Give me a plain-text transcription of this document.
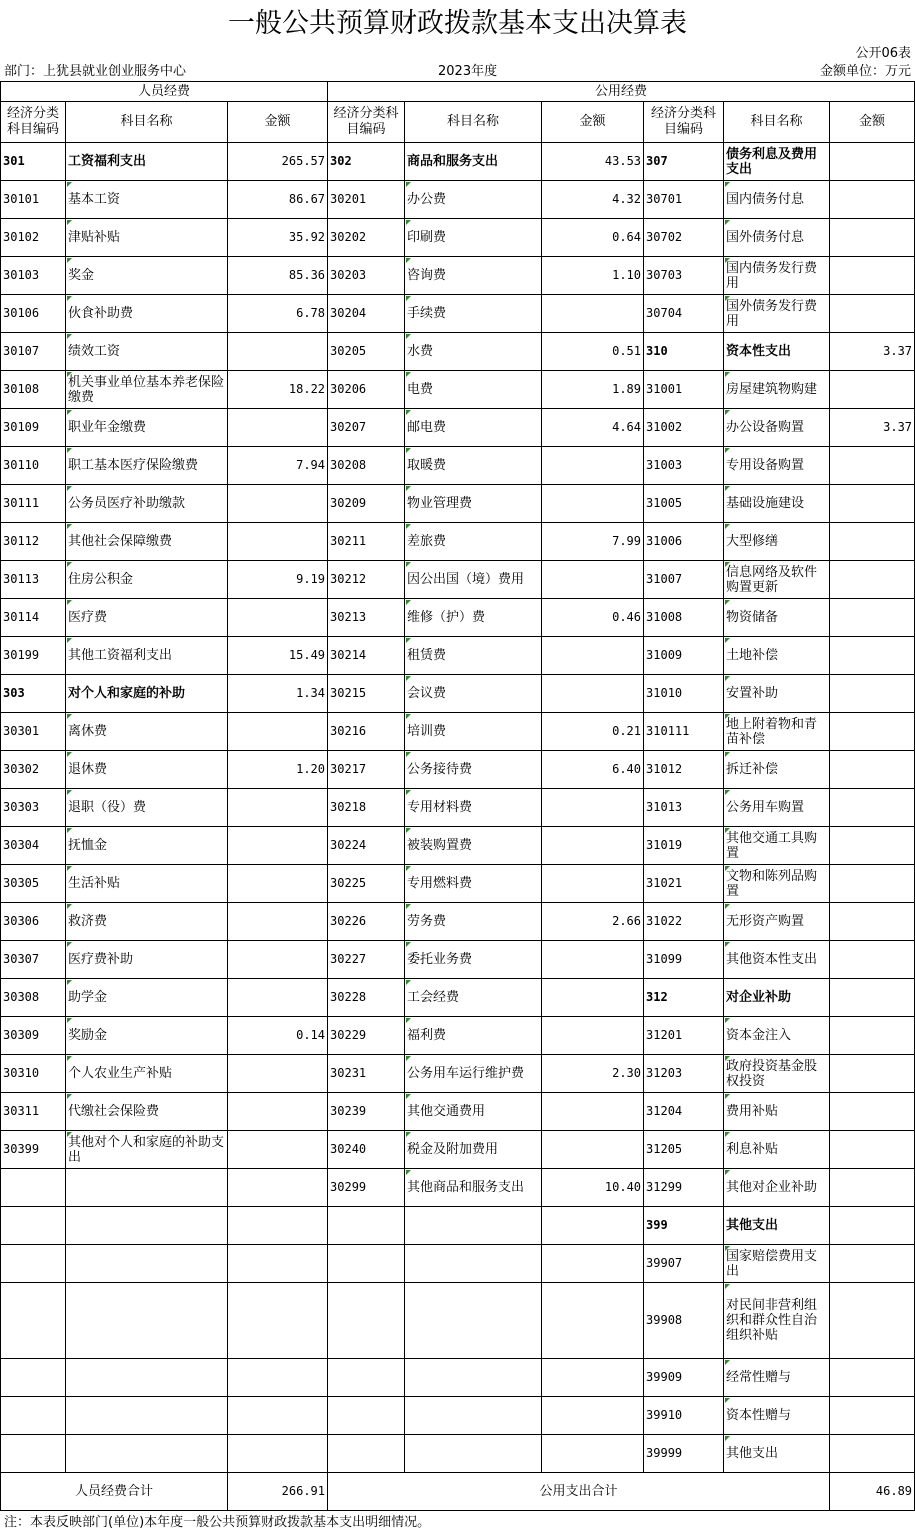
一般公共预算财政拨款基本支出决算表
公开06表
部门：上犹县就业创业服务中心	2023年度	金额单位：万元
人员经费			公用经费					
经济分类科目编码	科目名称	金额	经济分类科目编码	科目名称	金额	经济分类科目编码	科目名称	金额
301	工资福利支出	265.57	302	商品和服务支出	43.53	307	债务利息及费用支出	
30101	基本工资	86.67	30201	办公费	4.32	30701	国内债务付息	
30102	津贴补贴	35.92	30202	印刷费	0.64	30702	国外债务付息	
30103	奖金	85.36	30203	咨询费	1.10	30703	国内债务发行费用	
30106	伙食补助费	6.78	30204	手续费		30704	国外债务发行费用	
30107	绩效工资		30205	水费	0.51	310	资本性支出	3.37
30108	机关事业单位基本养老保险缴费	18.22	30206	电费	1.89	31001	房屋建筑物购建	
30109	职业年金缴费		30207	邮电费	4.64	31002	办公设备购置	3.37
30110	职工基本医疗保险缴费	7.94	30208	取暖费		31003	专用设备购置	
30111	公务员医疗补助缴款		30209	物业管理费		31005	基础设施建设	
30112	其他社会保障缴费		30211	差旅费	7.99	31006	大型修缮	
30113	住房公积金	9.19	30212	因公出国（境）费用		31007	信息网络及软件购置更新	
30114	医疗费		30213	维修（护）费	0.46	31008	物资储备	
30199	其他工资福利支出	15.49	30214	租赁费		31009	土地补偿	
303	对个人和家庭的补助	1.34	30215	会议费		31010	安置补助	
30301	离休费		30216	培训费	0.21	310111	地上附着物和青苗补偿	
30302	退休费	1.20	30217	公务接待费	6.40	31012	拆迁补偿	
30303	退职（役）费		30218	专用材料费		31013	公务用车购置	
30304	抚恤金		30224	被装购置费		31019	其他交通工具购置	
30305	生活补贴		30225	专用燃料费		31021	文物和陈列品购置	
30306	救济费		30226	劳务费	2.66	31022	无形资产购置	
30307	医疗费补助		30227	委托业务费		31099	其他资本性支出	
30308	助学金		30228	工会经费		312	对企业补助	
30309	奖励金	0.14	30229	福利费		31201	资本金注入	
30310	个人农业生产补贴		30231	公务用车运行维护费	2.30	31203	政府投资基金股权投资	
30311	代缴社会保险费		30239	其他交通费用		31204	费用补贴	
30399	其他对个人和家庭的补助支出		30240	税金及附加费用		31205	利息补贴	
			30299	其他商品和服务支出	10.40	31299	其他对企业补助	
						399	其他支出	
						39907	国家赔偿费用支出	
						39908	对民间非营利组织和群众性自治组织补贴	
						39909	经常性赠与	
						39910	资本性赠与	
						39999	其他支出	
人员经费合计		266.91	公用支出合计					46.89
注：本表反映部门(单位)本年度一般公共预算财政拨款基本支出明细情况。
